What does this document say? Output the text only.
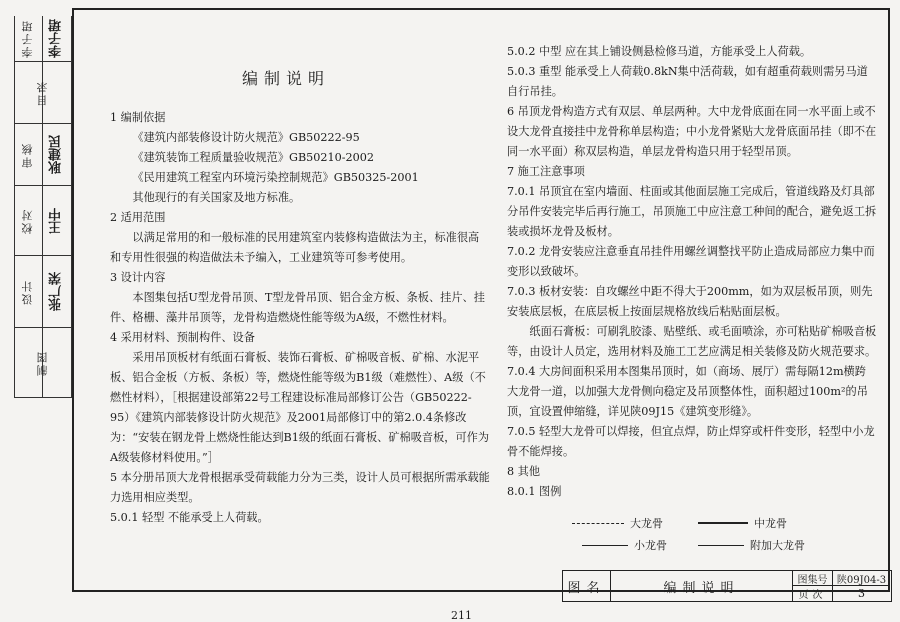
李子珺 李子珺
目录
审核 耿建民
校对 王中
设计 张广荣
制图
编制说明

1 编制依据

《建筑内部装修设计防火规范》GB50222-95

《建筑装饰工程质量验收规范》GB50210-2002

《民用建筑工程室内环境污染控制规范》GB50325-2001

其他现行的有关国家及地方标准。

2 适用范围

以满足常用的和一般标准的民用建筑室内装修构造做法为主，标准很高和专用性很强的构造做法未予编入，工业建筑等可参考使用。

3 设计内容

本图集包括U型龙骨吊顶、T型龙骨吊顶、铝合金方板、条板、挂片、挂件、格栅、藻井吊顶等，龙骨构造燃烧性能等级为A级，不燃性材料。

4 采用材料、预制构件、设备

采用吊顶板材有纸面石膏板、装饰石膏板、矿棉吸音板、矿棉、水泥平板、铝合金板（方板、条板）等，燃烧性能等级为B1级（难燃性）、A级（不燃性材料），［根据建设部第22号工程建设标准局部修订公告（GB50222-95）《建筑内部装修设计防火规范》及2001局部修订中的第2.0.4条修改为：“安装在钢龙骨上燃烧性能达到B1级的纸面石膏板、矿棉吸音板，可作为A级装修材料使用。”］

5 本分册吊顶大龙骨根据承受荷载能力分为三类，设计人员可根据所需承载能力选用相应类型。

5.0.1 轻型 不能承受上人荷载。

5.0.2 中型 应在其上铺设侧悬检修马道，方能承受上人荷载。

5.0.3 重型 能承受上人荷载0.8kN集中活荷载，如有超重荷载则需另马道自行吊挂。

6 吊顶龙骨构造方式有双层、单层两种。大中龙骨底面在同一水平面上或不设大龙骨直接挂中龙骨称单层构造；中小龙骨紧贴大龙骨底面吊挂（即不在同一水平面）称双层构造，单层龙骨构造只用于轻型吊顶。

7 施工注意事项

7.0.1 吊顶宜在室内墙面、柱面或其他面层施工完成后，管道线路及灯具部分吊件安装完毕后再行施工，吊顶施工中应注意工种间的配合，避免返工拆装或损坏龙骨及板材。

7.0.2 龙骨安装应注意垂直吊挂件用螺丝调整找平防止造成局部应力集中而变形以致破坏。

7.0.3 板材安装：自攻螺丝中距不得大于200mm，如为双层板吊顶，则先安装底层板，在底层板上按面层规格放线后粘贴面层板。

纸面石膏板：可刷乳胶漆、贴壁纸、或毛面喷涂，亦可粘贴矿棉吸音板等，由设计人员定，选用材料及施工工艺应满足相关装修及防火规范要求。

7.0.4 大房间面积采用本图集吊顶时，如（商场、展厅）需每隔12m横跨大龙骨一道，以加强大龙骨侧向稳定及吊顶整体性，面积超过100m²的吊顶，宜设置伸缩缝，详见陕09J15《建筑变形缝》。

7.0.5 轻型大龙骨可以焊接，但宜点焊，防止焊穿或杆件变形，轻型中小龙骨不能焊接。

8 其他

8.0.1 图例

大龙骨	中龙骨
小龙骨	附加大龙骨
图名	编制说明
图集号 陕09J04-3
页次	3
211
